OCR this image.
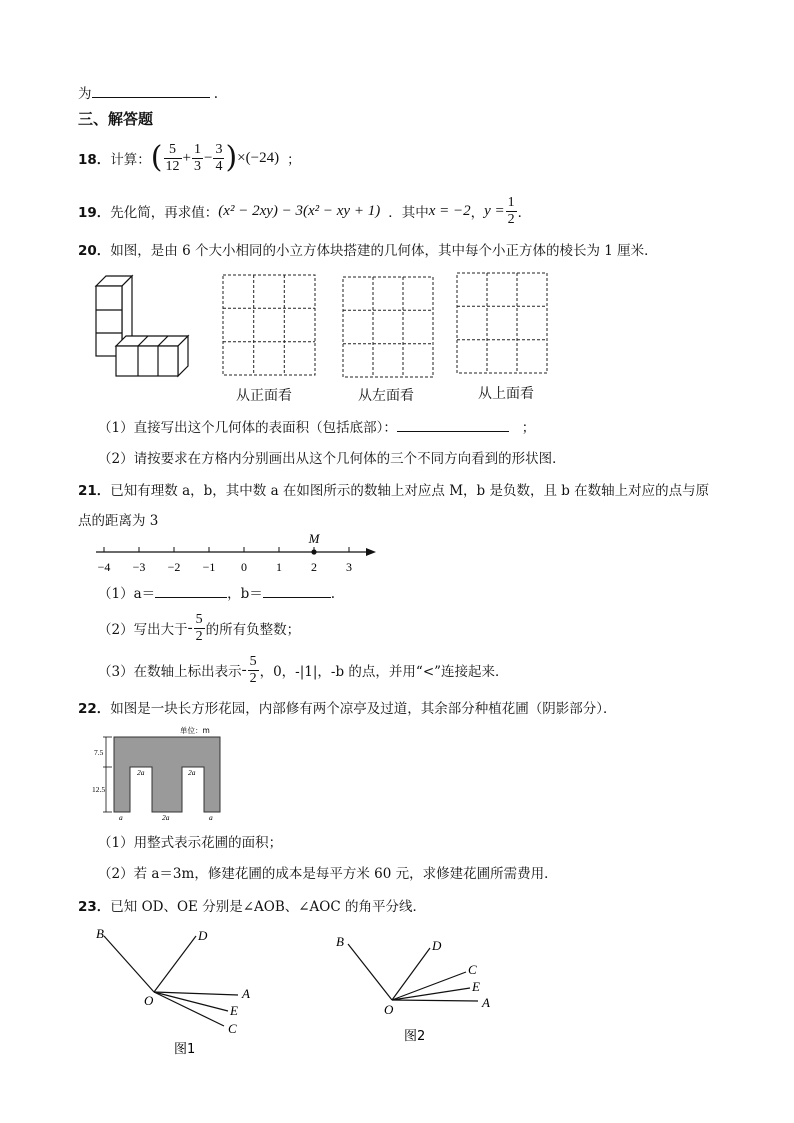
为	.
三、解答题
18． 计算： ( $\frac{5}{12} + \frac{1}{3} - \frac{3}{4}$ ) ×(−24) ；
19． 先化简，再求值： (x² − 2xy) − 3(x² − xy + 1) ．其中 x = −2 ， $y = \frac{1}{2}$ ．
20．如图，是由 6 个大小相同的小立方体块搭建的几何体，其中每个小正方体的棱长为 1 厘米．
从正面看	从左面看	从上面看
（1）直接写出这个几何体的表面积（包括底部）：	；
（2）请按要求在方格内分别画出从这个几何体的三个不同方向看到的形状图．
21．已知有理数 a，b，其中数 a 在如图所示的数轴上对应点 M，b 是负数，且 b 在数轴上对应的点与原
点的距离为 3
−4 −3 −2 −1 0 1 2 3
M
（1）a＝	，b＝	.
（2）写出大于 - $\frac{5}{2}$ 的所有负整数；
（3）在数轴上标出表示 - $\frac{5}{2}$ ，0，-|1|，-b 的点，并用“<”连接起来．
22．如图是一块长方形花园，内部修有两个凉亭及过道，其余部分种植花圃（阴影部分）．
单位：m
7.5
12.5
2a	2a
a	2a	a
（1）用整式表示花圃的面积；
（2）若 a＝3m，修建花圃的成本是每平方米 60 元，求修建花圃所需费用．
23．已知 OD、OE 分别是∠AOB、∠AOC 的角平分线．
B	D
O	A
E
C
图1
B	D
C
E
A
O
图2
